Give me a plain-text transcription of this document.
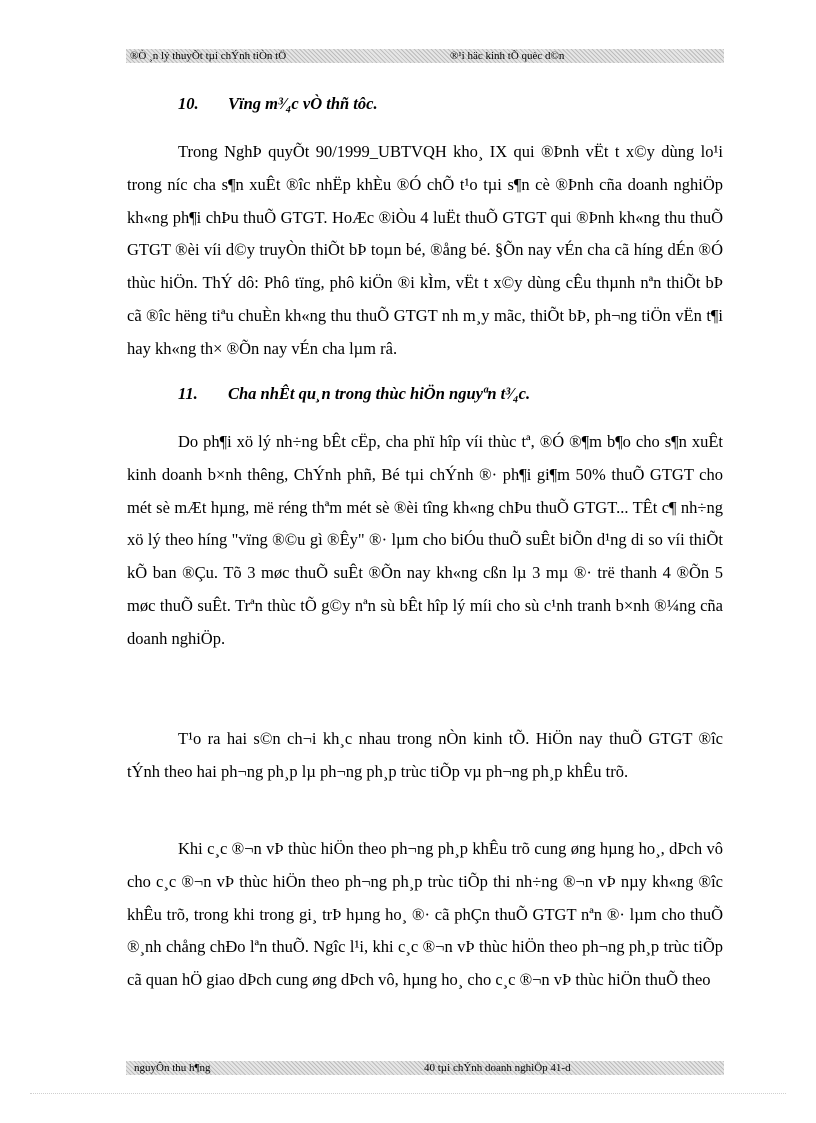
®Ò ¸n lý thuyÕt tµi chÝnh tiÒn tÖ	®¹i häc kinh tÕ quèc d©n
10. Vïng m³⁄₄c vÒ thñ tôc.

Trong NghÞ quyÕt 90/1999_UBTVQH kho¸ IX qui ®Þnh vËt t x©y dùng lo¹i trong níc cha s¶n xuÊt ®îc nhËp khÈu ®Ó chÕ t¹o tµi s¶n cè ®Þnh cña doanh nghiÖp kh«ng ph¶i chÞu thuÕ GTGT. HoÆc ®iÒu 4 luËt thuÕ GTGT qui ®Þnh kh«ng thu thuÕ GTGT ®èi víi d©y truyÒn thiÕt bÞ toµn bé, ®ång bé. §Õn nay vÉn cha cã híng dÉn ®Ó thùc hiÖn. ThÝ dô: Phô tïng, phô kiÖn ®i kÌm, vËt t x©y dùng cÊu thµnh nªn thiÕt bÞ cã ®îc hëng tiªu chuÈn kh«ng thu thuÕ GTGT nh m¸y mãc, thiÕt bÞ, ph¬ng tiÖn vËn t¶i hay kh«ng th× ®Õn nay vÉn cha lµm râ.

11. Cha nhÊt qu¸n trong thùc hiÖn nguyªn t³⁄₄c.

Do ph¶i xö lý nh÷ng bÊt cËp, cha phï hîp víi thùc tª, ®Ó ®¶m b¶o cho s¶n xuÊt kinh doanh b×nh thêng, ChÝnh phñ, Bé tµi chÝnh ®· ph¶i gi¶m 50% thuÕ GTGT cho mét sè mÆt hµng, më réng thªm mét sè ®èi tîng kh«ng chÞu thuÕ GTGT... TÊt c¶ nh÷ng xö lý theo híng "vïng ®©u gì ®Êy" ®· lµm cho biÓu thuÕ suÊt biÕn d¹ng di so víi thiÕt kÕ ban ®Çu. Tõ 3 møc thuÕ suÊt ®Õn nay kh«ng cßn lµ 3 mµ ®· trë thanh 4 ®Õn 5 møc thuÕ suÊt. Trªn thùc tÕ g©y nªn sù bÊt hîp lý míi cho sù c¹nh tranh b×nh ®¼ng cña doanh nghiÖp.

T¹o ra hai s©n ch¬i kh¸c nhau trong nÒn kinh tÕ. HiÖn nay thuÕ GTGT ®îc tÝnh theo hai ph¬ng ph¸p lµ ph¬ng ph¸p trùc tiÕp vµ ph¬ng ph¸p khÊu trõ.

Khi c¸c ®¬n vÞ thùc hiÖn theo ph¬ng ph¸p khÊu trõ cung øng hµng ho¸, dÞch vô cho c¸c ®¬n vÞ thùc hiÖn theo ph¬ng ph¸p trùc tiÕp thi nh÷ng ®¬n vÞ nµy kh«ng ®îc khÊu trõ, trong khi trong gi¸ trÞ hµng ho¸ ®· cã phÇn thuÕ GTGT nªn ®· lµm cho thuÕ ®¸nh chång chÐo lªn thuÕ. Ngîc l¹i, khi c¸c ®¬n vÞ thùc hiÖn theo ph¬ng ph¸p trùc tiÕp cã quan hÖ giao dÞch cung øng dÞch vô, hµng ho¸ cho c¸c ®¬n vÞ thùc hiÖn thuÕ theo

nguyÔn thu h¶ng	40 tµi chÝnh doanh nghiÖp 41-d
